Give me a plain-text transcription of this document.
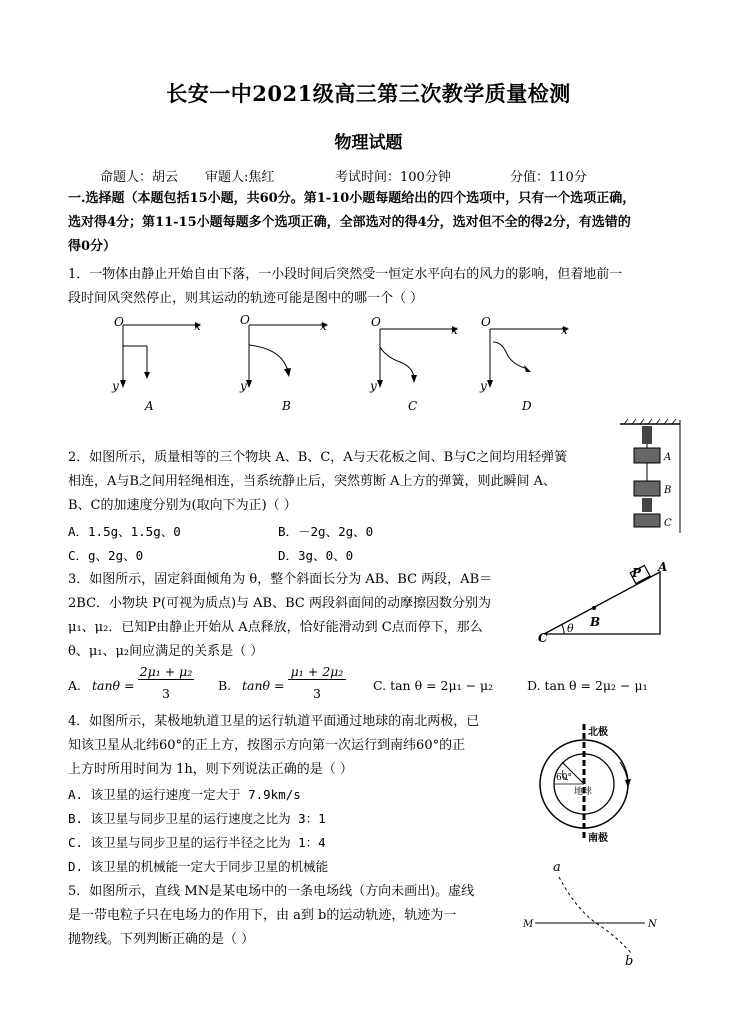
长安一中2021级高三第三次教学质量检测
物理试题
命题人：胡云 审题人:焦红	考试时间：100分钟	分值：110分
一.选择题（本题包括15小题，共60分。第1-10小题每题给出的四个选项中，只有一个选项正确，
选对得4分；第11-15小题每题多个选项正确，全部选对的得4分，选对但不全的得2分，有选错的
得0分）
1．一物体由静止开始自由下落，一小段时间后突然受一恒定水平向右的风力的影响，但着地前一
段时间风突然停止，则其运动的轨迹可能是图中的哪一个（ ）
O	x
y
A
O	x
y
B
O
x
y
C
O
x
y
D
2．如图所示，质量相等的三个物块 A、B、C，A与天花板之间、B与C之间均用轻弹簧
相连，A与B之间用轻绳相连，当系统静止后，突然剪断 A上方的弹簧，则此瞬间 A、
B、C的加速度分别为(取向下为正)（ ）
A．1.5g、1.5g、0	B．－2g、2g、0
C．g、2g、0	D．3g、0、0
A
B
C
3．如图所示，固定斜面倾角为 θ，整个斜面长分为 AB、BC 两段，AB＝
2BC．小物块 P(可视为质点)与 AB、BC 两段斜面间的动摩擦因数分别为
μ₁、μ₂．已知P由静止开始从 A点释放，恰好能滑动到 C点而停下，那么
θ、μ₁、μ₂间应满足的关系是（ ）
P A
B
C
θ
A. tanθ =
2μ₁ + μ₂
3
B. tanθ =
μ₁ + 2μ₂
3
C. tan θ = 2μ₁ − μ₂	D. tan θ = 2μ₂ − μ₁
4．如图所示，某极地轨道卫星的运行轨道平面通过地球的南北两极，已
知该卫星从北纬60°的正上方，按图示方向第一次运行到南纬60°的正
上方时所用时间为 1h，则下列说法正确的是（ ）
A. 该卫星的运行速度一定大于 7.9km/s
B. 该卫星与同步卫星的运行速度之比为 3：1
C. 该卫星与同步卫星的运行半径之比为 1：4
D. 该卫星的机械能一定大于同步卫星的机械能
60°
地球
北极
南极
5．如图所示，直线 MN是某电场中的一条电场线（方向未画出)。虚线
是一带电粒子只在电场力的作用下，由 a到 b的运动轨迹，轨迹为一
抛物线。下列判断正确的是（ ）
a
b
M	N
